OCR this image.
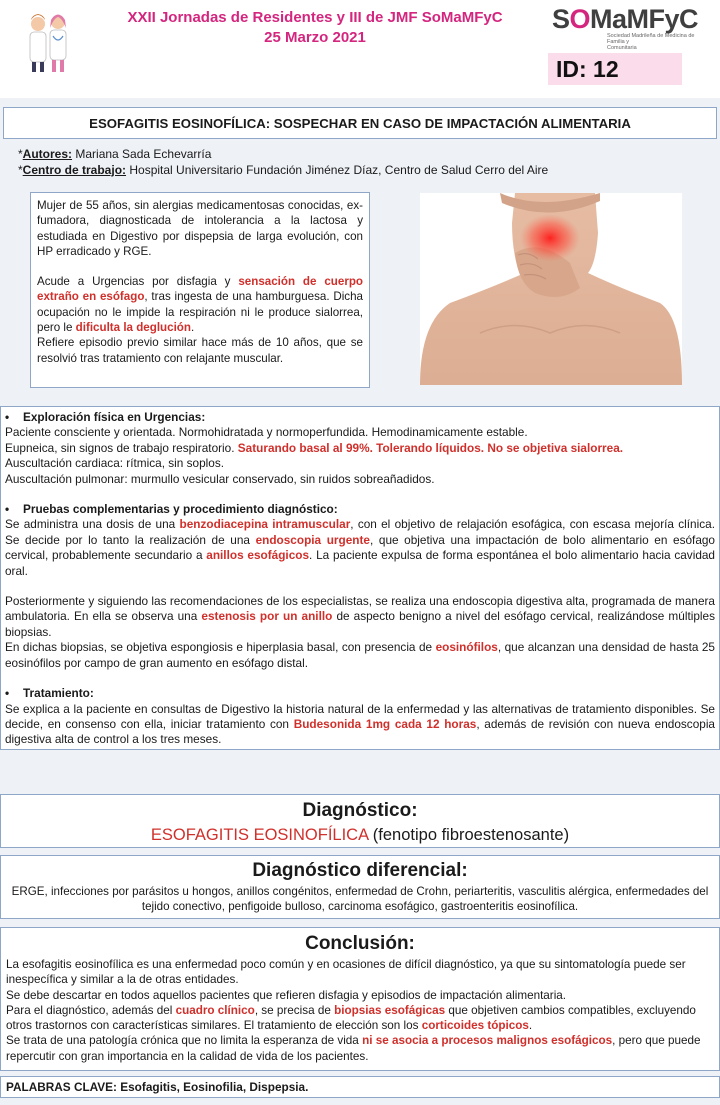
XXII Jornadas de Residentes y III de JMF SoMaMFyC
25 Marzo 2021
SOMaMFyC
Sociedad Madrileña de Medicina de Familia y
Comunitaria
ID: 12
ESOFAGITIS EOSINOFÍLICA: SOSPECHAR EN CASO DE IMPACTACIÓN ALIMENTARIA
*Autores: Mariana Sada Echevarría
*Centro de trabajo: Hospital Universitario Fundación Jiménez Díaz, Centro de Salud Cerro del Aire

Mujer de 55 años, sin alergias medicamentosas conocidas, ex-fumadora, diagnosticada de intolerancia a la lactosa y estudiada en Digestivo por dispepsia de larga evolución, con HP erradicado y RGE.

Acude a Urgencias por disfagia y sensación de cuerpo extraño en esófago, tras ingesta de una hamburguesa. Dicha ocupación no le impide la respiración ni le produce sialorrea, pero le dificulta la deglución.

Refiere episodio previo similar hace más de 10 años, que se resolvió tras tratamiento con relajante muscular.
• Exploración física en Urgencias:
Paciente consciente y orientada. Normohidratada y normoperfundida. Hemodinamicamente estable.
Eupneica, sin signos de trabajo respiratorio. Saturando basal al 99%. Tolerando líquidos. No se objetiva sialorrea.
Auscultación cardiaca: rítmica, sin soplos.
Auscultación pulmonar: murmullo vesicular conservado, sin ruidos sobreañadidos.
• Pruebas complementarias y procedimiento diagnóstico:
Se administra una dosis de una benzodiacepina intramuscular, con el objetivo de relajación esofágica, con escasa mejoría clínica. Se decide por lo tanto la realización de una endoscopia urgente, que objetiva una impactación de bolo alimentario en esófago cervical, probablemente secundario a anillos esofágicos. La paciente expulsa de forma espontánea el bolo alimentario hacia cavidad oral.
Posteriormente y siguiendo las recomendaciones de los especialistas, se realiza una endoscopia digestiva alta, programada de manera ambulatoria. En ella se observa una estenosis por un anillo de aspecto benigno a nivel del esófago cervical, realizándose múltiples biopsias.
En dichas biopsias, se objetiva espongiosis e hiperplasia basal, con presencia de eosinófilos, que alcanzan una densidad de hasta 25 eosinófilos por campo de gran aumento en esófago distal.
• Tratamiento:
Se explica a la paciente en consultas de Digestivo la historia natural de la enfermedad y las alternativas de tratamiento disponibles. Se decide, en consenso con ella, iniciar tratamiento con Budesonida 1mg cada 12 horas, además de revisión con nueva endoscopia digestiva alta de control a los tres meses.
Diagnóstico:
ESOFAGITIS EOSINOFÍLICA (fenotipo fibroestenosante)
Diagnóstico diferencial:
ERGE, infecciones por parásitos u hongos, anillos congénitos, enfermedad de Crohn, periarteritis, vasculitis alérgica, enfermedades del tejido conectivo, penfigoide bulloso, carcinoma esofágico, gastroenteritis eosinofílica.
Conclusión:
La esofagitis eosinofílica es una enfermedad poco común y en ocasiones de difícil diagnóstico, ya que su sintomatología puede ser inespecífica y similar a la de otras entidades.
Se debe descartar en todos aquellos pacientes que refieren disfagia y episodios de impactación alimentaria.
Para el diagnóstico, además del cuadro clínico, se precisa de biopsias esofágicas que objetiven cambios compatibles, excluyendo otros trastornos con características similares. El tratamiento de elección son los corticoides tópicos.
Se trata de una patología crónica que no limita la esperanza de vida ni se asocia a procesos malignos esofágicos, pero que puede repercutir con gran importancia en la calidad de vida de los pacientes.
PALABRAS CLAVE: Esofagitis, Eosinofilia, Dispepsia.
